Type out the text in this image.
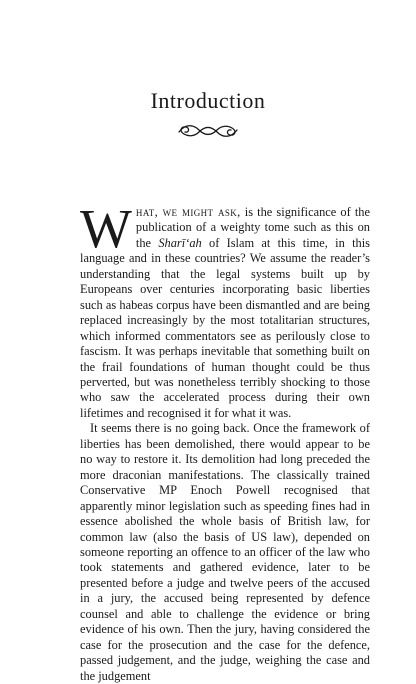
Introduction

What, we might ask, is the significance of the publication of a weighty tome such as this on the Sharī‘ah of Islam at this time, in this language and in these countries? We assume the reader’s understanding that the legal systems built up by Europeans over centuries incorporating basic liberties such as habeas corpus have been dismantled and are being replaced increasingly by the most totalitarian structures, which informed commentators see as perilously close to fascism. It was perhaps inevitable that something built on the frail foundations of human thought could be thus perverted, but was nonetheless terribly shocking to those who saw the accelerated process during their own lifetimes and recognised it for what it was.

It seems there is no going back. Once the framework of liberties has been demolished, there would appear to be no way to restore it. Its demolition had long preceded the more draconian manifestations. The classically trained Conservative MP Enoch Powell recognised that apparently minor legislation such as speeding fines had in essence abolished the whole basis of British law, for common law (also the basis of US law), depended on someone reporting an offence to an officer of the law who took statements and gathered evidence, later to be presented before a judge and twelve peers of the accused in a jury, the accused being represented by defence counsel and able to challenge the evidence or bring evidence of his own. Then the jury, having considered the case for the prosecution and the case for the defence, passed judgement, and the judge, weighing the case and the judgement
